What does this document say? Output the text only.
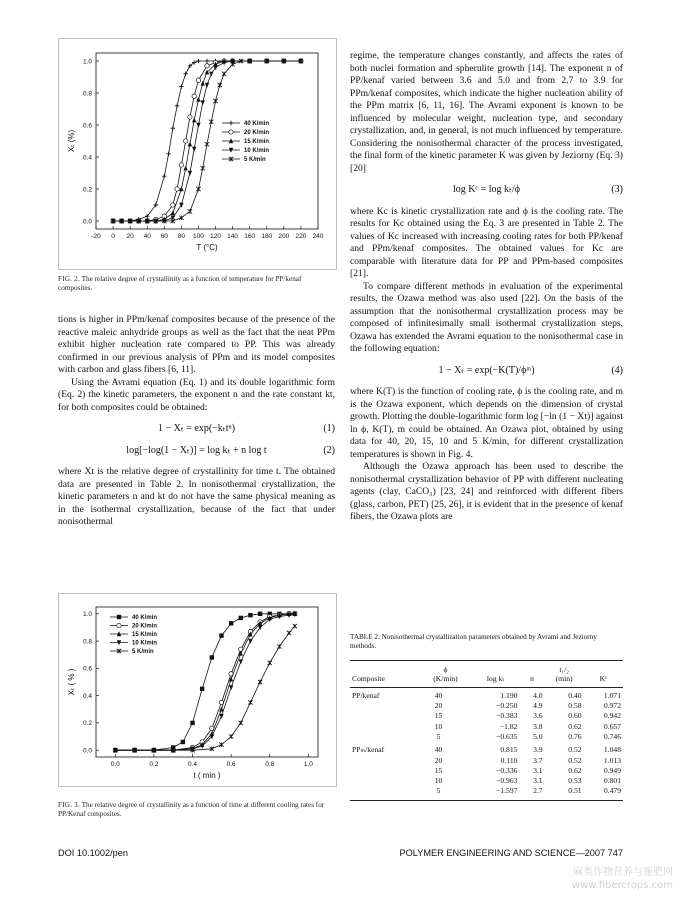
-20 0 20 40 60 80 100 120 140 160 180 200 220 240
0.0
0.2
0.4
0.6
0.8
1.0
T (°C)
Xₜ (%)
40 K/min
20 K/min
15 K/min
10 K/min
5 K/min
FIG. 2. The relative degree of crystallinity as a function of temperature for PP/kenaf composites.

tions is higher in PPm/kenaf composites because of the presence of the reactive maleic anhydride groups as well as the fact that the neat PPm exhibit higher nucleation rate compared to PP. This was already confirmed in our previous analysis of PPm and its model composites with carbon and glass fibers [6, 11].

Using the Avrami equation (Eq. 1) and its double logarithmic form (Eq. 2) the kinetic parameters, the exponent n and the rate constant kt, for both composites could be obtained:

1 − Xₜ = exp(−kₜtⁿ)	(1)
log[−log(1 − Xₜ)] = log kₜ + n log t	(2)

where Xt is the relative degree of crystallinity for time t. The obtained data are presented in Table 2. In nonisothermal crystallization, the kinetic parameters n and kt do not have the same physical meaning as in the isothermal crystallization, because of the fact that under nonisothermal

0.0	0.2	0.4	0.6	0.8	1.0
0.0
0.2
0.4
0.6
0.8
1.0
t ( min )
Xₜ ( % )
40 K/min
20 K/min
15 K/min
10 K/min
5 K/min
FIG. 3. The relative degree of crystallinity as a function of time at different cooling rates for PP/Kenaf composites.

regime, the temperature changes constantly, and affects the rates of both nuclei formation and spherulite growth [14]. The exponent n of PP/kenaf varied between 3.6 and 5.0 and from 2.7 to 3.9 for PPm/kenaf composites, which indicate the higher nucleation ability of the PPm matrix [6, 11, 16]. The Avrami exponent is known to be influenced by molecular weight, nucleation type, and secondary crystallization, and, in general, is not much influenced by temperature. Considering the nonisothermal character of the process investigated, the final form of the kinetic parameter K was given by Jeziorny (Eq. 3) [20]

log Kᶜ = log kₜ/ϕ	(3)

where Kc is kinetic crystallization rate and ϕ is the cooling rate. The results for Kc obtained using the Eq. 3 are presented in Table 2. The values of Kc increased with increasing cooling rates for both PP/kenaf and PPm/kenaf composites. The obtained values for Kc are comparable with literature data for PP and PPm-based composites [21].

To compare different methods in evaluation of the experimental results, the Ozawa method was also used [22]. On the basis of the assumption that the nonisothermal crystallization process may be composed of infinitesimally small isothermal crystallization steps, Ozawa has extended the Avrami equation to the nonisothermal case in the following equation:

1 − Xₜ = exp(−K(T)/ϕᵐ)	(4)

where K(T) is the function of cooling rate, ϕ is the cooling rate, and m is the Ozawa exponent, which depends on the dimension of crystal growth. Plotting the double-logarithmic form log [−ln (1 − Xt)] against ln ϕ, K(T), m could be obtained. An Ozawa plot, obtained by using data for 40, 20, 15, 10 and 5 K/min, for different crystallization temperatures is shown in Fig. 4.

Although the Ozawa approach has been used to describe the nonisothermal crystallization behavior of PP with different nucleating agents (clay, CaCO₃) [23, 24] and reinforced with different fibers (glass, carbon, PET) [25, 26], it is evident that in the presence of kenaf fibers, the Ozawa plots are

TABLE 2. Nonisothermal crystallization parameters obtained by Avrami and Jeziorny methods.
	ϕ			t₁/₂	
Composite	(K/min)	log kₜ	n	(min)	Kᶜ
PP/kenaf	40	1.190	4.0	0.40	1.071
	20	−0.250	4.9	0.58	0.972
	15	−0.383	3.6	0.60	0.942
	10	−1.82	3.8	0.62	0.657
	5	−0.635	5.0	0.76	0.746
PPₘ/kenaf	40	0.815	3.9	0.52	1.048
	20	0.110	3.7	0.52	1.013
	15	−0.336	3.1	0.62	0.949
	10	−0.963	3.1	0.53	0.801
	5	−1.597	2.7	0.51	0.479
DOI 10.1002/pen	POLYMER ENGINEERING AND SCIENCE—2007 747
麻类作物营养与施肥网
www.fibercrops.com
